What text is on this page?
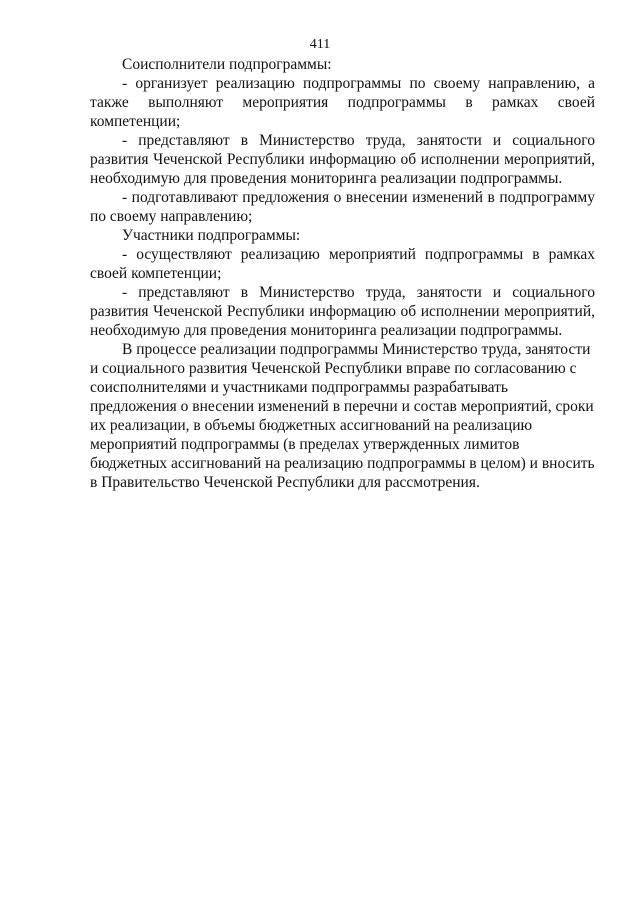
411

Соисполнители подпрограммы:

- организует реализацию подпрограммы по своему направлению, а также выполняют мероприятия подпрограммы в рамках своей компетенции;

- представляют в Министерство труда, занятости и социального развития Чеченской Республики информацию об исполнении мероприятий, необходимую для проведения мониторинга реализации подпрограммы.

- подготавливают предложения о внесении изменений в подпрограмму по своему направлению;

Участники подпрограммы:

- осуществляют реализацию мероприятий подпрограммы в рамках своей компетенции;

- представляют в Министерство труда, занятости и социального развития Чеченской Республики информацию об исполнении мероприятий, необходимую для проведения мониторинга реализации подпрограммы.

В процессе реализации подпрограммы Министерство труда, занятости и социального развития Чеченской Республики вправе по согласованию с соисполнителями и участниками подпрограммы разрабатывать предложения о внесении изменений в перечни и состав мероприятий, сроки их реализации, в объемы бюджетных ассигнований на реализацию мероприятий подпрограммы (в пределах утвержденных лимитов бюджетных ассигнований на реализацию подпрограммы в целом) и вносить в Правительство Чеченской Республики для рассмотрения.
